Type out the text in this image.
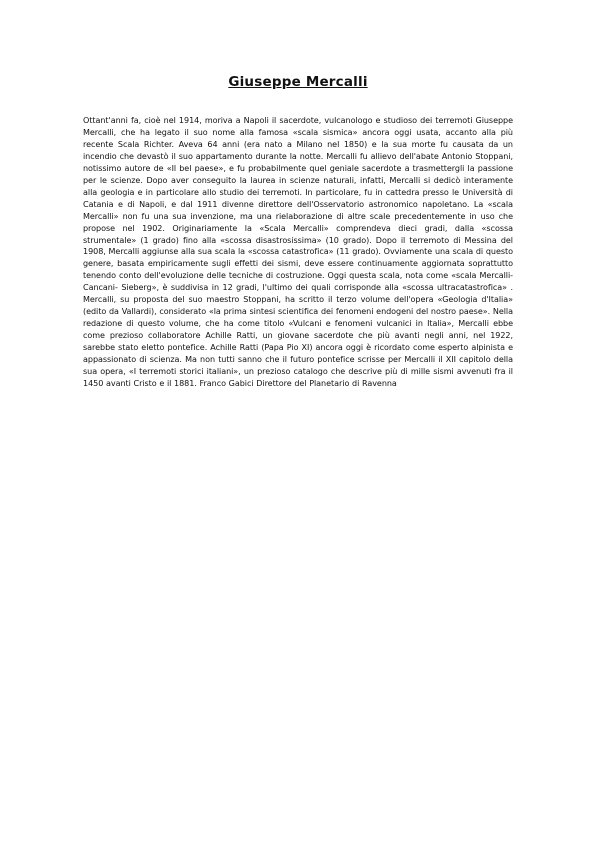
Giuseppe Mercalli

Ottant'anni fa, cioè nel 1914, moriva a Napoli il sacerdote, vulcanologo e studioso dei terremoti Giuseppe Mercalli, che ha legato il suo nome alla famosa «scala sismica» ancora oggi usata, accanto alla più recente Scala Richter. Aveva 64 anni (era nato a Milano nel 1850) e la sua morte fu causata da un incendio che devastò il suo appartamento durante la notte. Mercalli fu allievo dell'abate Antonio Stoppani, notissimo autore de «Il bel paese», e fu probabilmente quel geniale sacerdote a trasmettergli la passione per le scienze. Dopo aver conseguito la laurea in scienze naturali, infatti, Mercalli si dedicò interamente alla geologia e in particolare allo studio dei terremoti. In particolare, fu in cattedra presso le Università di Catania e di Napoli, e dal 1911 divenne direttore dell'Osservatorio astronomico napoletano. La «scala Mercalli» non fu una sua invenzione, ma una rielaborazione di altre scale precedentemente in uso che propose nel 1902. Originariamente la «Scala Mercalli» comprendeva dieci gradi, dalla «scossa strumentale» (1 grado) fino alla «scossa disastrosissima» (10 grado). Dopo il terremoto di Messina del 1908, Mercalli aggiunse alla sua scala la «scossa catastrofica» (11 grado). Ovviamente una scala di questo genere, basata empiricamente sugli effetti dei sismi, deve essere continuamente aggiornata soprattutto tenendo conto dell'evoluzione delle tecniche di costruzione. Oggi questa scala, nota come «scala Mercalli- Cancani- Sieberg», è suddivisa in 12 gradi, l'ultimo dei quali corrisponde alla «scossa ultracatastrofica» . Mercalli, su proposta del suo maestro Stoppani, ha scritto il terzo volume dell'opera «Geologia d'Italia» (edito da Vallardi), considerato «la prima sintesi scientifica dei fenomeni endogeni del nostro paese». Nella redazione di questo volume, che ha come titolo «Vulcani e fenomeni vulcanici in Italia», Mercalli ebbe come prezioso collaboratore Achille Ratti, un giovane sacerdote che più avanti negli anni, nel 1922, sarebbe stato eletto pontefice. Achille Ratti (Papa Pio XI) ancora oggi è ricordato come esperto alpinista e appassionato di scienza. Ma non tutti sanno che il futuro pontefice scrisse per Mercalli il XII capitolo della sua opera, «I terremoti storici italiani», un prezioso catalogo che descrive più di mille sismi avvenuti fra il 1450 avanti Cristo e il 1881. Franco Gabici Direttore del Planetario di Ravenna
